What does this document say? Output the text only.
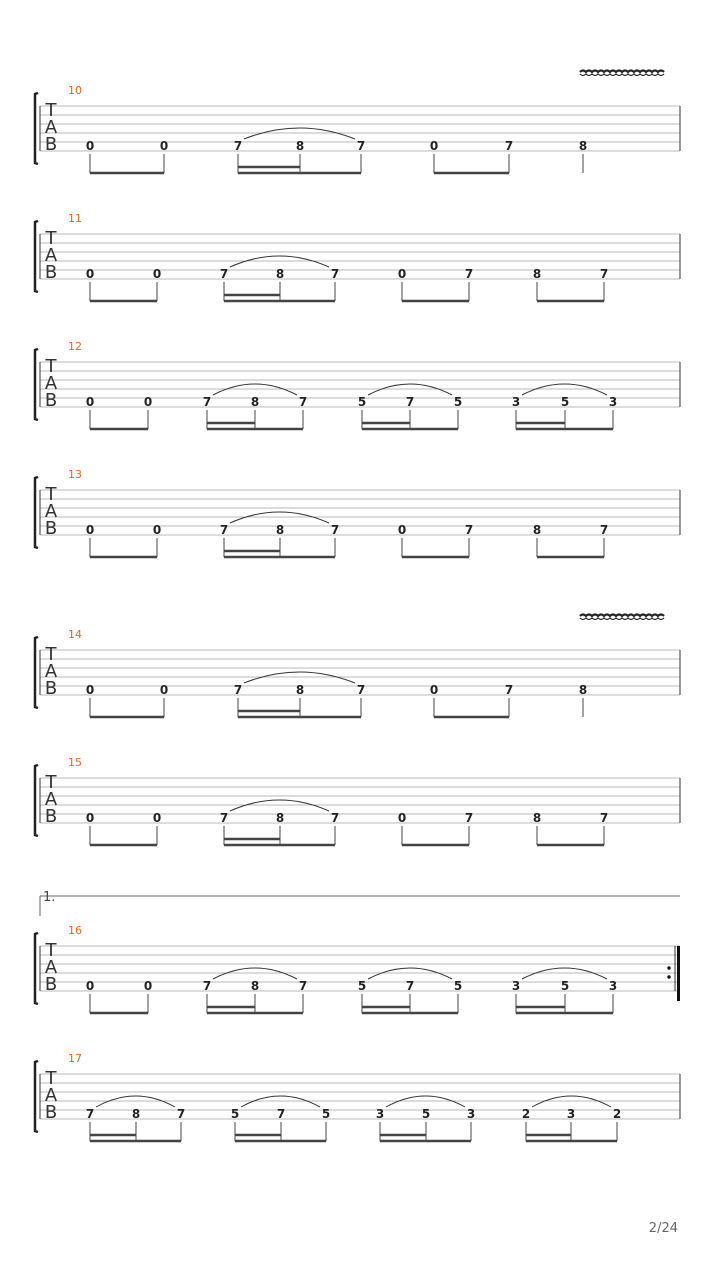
10
T
A
B 0	0	7	8	7	0	7	8
11
T
A
B 0	0	7	8	7	0	7	8	7
12
T
A
B 0	0	7	8	7	5	7	5	3	5	3
13
T
A
B 0	0	7	8	7	0	7	8	7
14
T
A
B 0	0	7	8	7	0	7	8
15
T
A
B 0	0	7	8	7	0	7	8	7
16
T
A
B
1.
0	0	7	8	7	5	7	5	3	5	3
17
T
A
B 7	8	7	5	7	5	3	5	3	2	3	2
2/24
